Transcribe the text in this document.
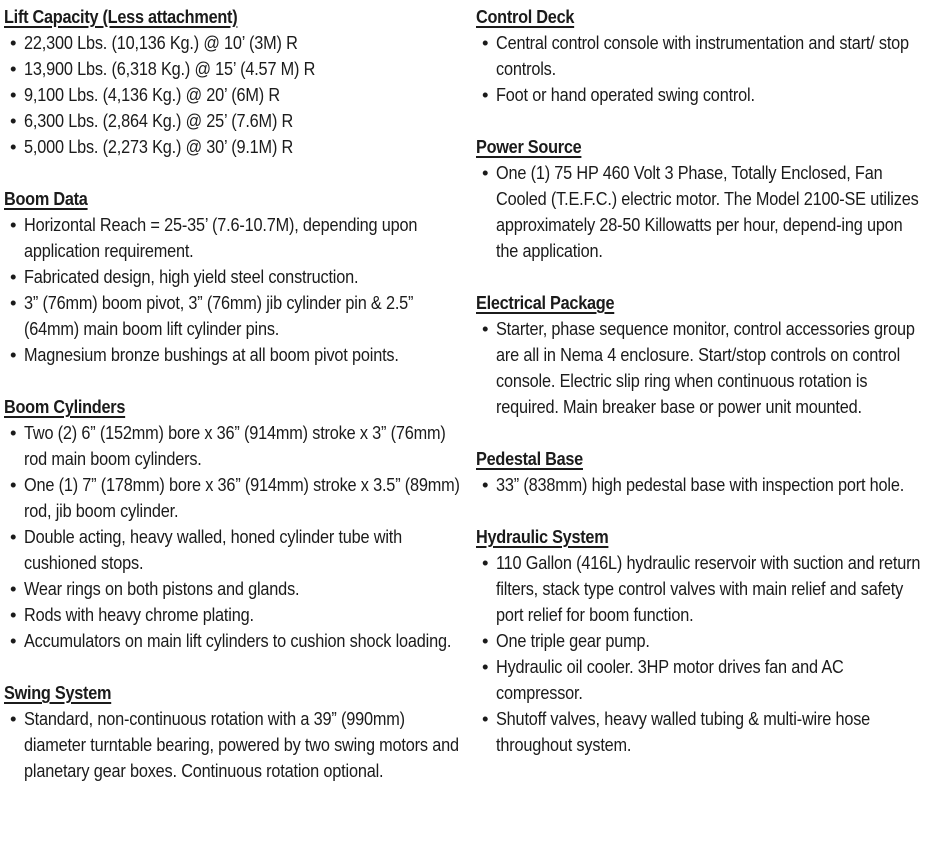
Lift Capacity (Less attachment)
• 22,300 Lbs. (10,136 Kg.) @ 10’ (3M) R
• 13,900 Lbs. (6,318 Kg.) @ 15’ (4.57 M) R
• 9,100 Lbs. (4,136 Kg.) @ 20’ (6M) R
• 6,300 Lbs. (2,864 Kg.) @ 25’ (7.6M) R
• 5,000 Lbs. (2,273 Kg.) @ 30’ (9.1M) R
Boom Data
• Horizontal Reach = 25-35’ (7.6-10.7M), depending upon application requirement.
• Fabricated design, high yield steel construction.
• 3” (76mm) boom pivot, 3” (76mm) jib cylinder pin & 2.5” (64mm) main boom lift cylinder pins.
• Magnesium bronze bushings at all boom pivot points.
Boom Cylinders
• Two (2) 6” (152mm) bore x 36” (914mm) stroke x 3” (76mm) rod main boom cylinders.
• One (1) 7” (178mm) bore x 36” (914mm) stroke x 3.5” (89mm) rod, jib boom cylinder.
• Double acting, heavy walled, honed cylinder tube with cushioned stops.
• Wear rings on both pistons and glands.
• Rods with heavy chrome plating.
• Accumulators on main lift cylinders to cushion shock loading.
Swing System
• Standard, non-continuous rotation with a 39” (990mm) diameter turntable bearing, powered by two swing motors and planetary gear boxes. Continuous rotation optional.
Control Deck
• Central control console with instrumentation and start/ stop controls.
• Foot or hand operated swing control.
Power Source
• One (1) 75 HP 460 Volt 3 Phase, Totally Enclosed, Fan Cooled (T.E.F.C.) electric motor. The Model 2100-SE utilizes approximately 28-50 Killowatts per hour, depend-ing upon the application.
Electrical Package
• Starter, phase sequence monitor, control accessories group are all in Nema 4 enclosure. Start/stop controls on control console. Electric slip ring when continuous rotation is required. Main breaker base or power unit mounted.
Pedestal Base
• 33” (838mm) high pedestal base with inspection port hole.
Hydraulic System
• 110 Gallon (416L) hydraulic reservoir with suction and return filters, stack type control valves with main relief and safety port relief for boom function.
• One triple gear pump.
• Hydraulic oil cooler. 3HP motor drives fan and AC compressor.
• Shutoff valves, heavy walled tubing & multi-wire hose throughout system.
